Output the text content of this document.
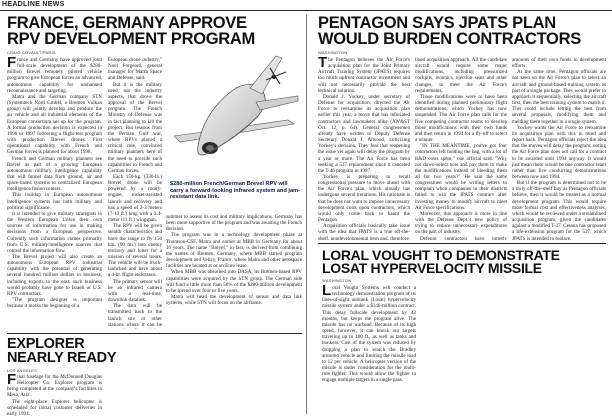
HEADLINE NEWS
FRANCE, GERMANY APPROVE
RPV DEVELOPMENT PROGRAM
CRAIG COVAULT/PARIS

France and Germany have approved joint full-scale development of the $280-million Brevel remotely piloted vehicle program to give European forces an advanced, autonomous capability for unmanned reconnaissance and targeting.

Matra and the German company STN (Systemtech Nord GmbH, a Bremen Vulkan group) will jointly develop and produce the air vehicle and all industrial elements of the European consortium set up for the program. A formal production decision is expected in 1996 or 1997 following a flight test program with production Brevel drones. First operational capability with French and German forces is planned for about 1998.

French and German military planners see Brevel as part of a growing European autonomous military intelligence capability that will funnel data from ground, air and space-based systems to centralized European intelligence fusion centers.

This buildup in European autonomous intelligence systems has both military and political significance.

It is intended to give military strategists in the Western European Union their own sources of information for use in making decisions from a European perspective. Currently such information comes primarily from U.S. military/intelligence sources that control the information flow.

The Brevel project will also create an autonomous European RPV industrial capability with the potential of generating several hundred million dollars in business, including exports to the east, such business would probably have gone to Israeli or U.S. RPV contractors.

"The program designer is important because it marks the beginning of a

European drone industry," Noel Forgeard, general manager for Matra Space and Defense, said.

But it is the military need, not the industry aspects, that drove the approval of the Brevel program. The French Ministry of Defense was in fact planning to kill the project. But lessons from the Persian Gulf war, where RPVs played a critical role, convinced military planners here of the need to provide such capabilities to French and German forces.

Each 150-kg. (330-lb.) Brevel drone will be powered by a rotary-engine, rocket-assisted launch and recovery and has a speed of 2-3 meters (7-10 ft.) long with a 3.4-meter (11 ft.) wingspan.

The RPV will be given stealth characteristics and have the range to fly 150 km. (90 mi.) into enemy territory and loiter for a mission of several hours. The vehicle will be truck-launched and have about a 4-hr. flight endurance.

The primary sensor will be an infrared camera with a real-time, downlink datalink.

The data will be transmitted back to the launch site or other stations where it can be

$280-million French/German Brevel RPV will carry a forward-looking infrared system and jam-resistant data link.

summer to assess its cost and military implications. Germany has been more supportive of the program and was awaiting the French decision.

The program was in a technology development phase at Thomson-CSF, Matra and earlier at MBB in Germany for about 10 years. The name "Brevel," in fact, is derived from combining the names of Bremen, Germany, where MBB started program development and Velizy, France, where Matra and other aerospace facilities are located at or on Euro lease.

When MBB was absorbed into DASA, its Bremen-based RPV capabilities were acquired by the STN group. The German side will fund a little more than 50% of the $280-million development to be spread over four or five years.

Matra will head the development of sensor and data link systems, while STN will focus on the airframe.

EXPLORER
NEARLY READY
LOS ANGELES

Final fuselage for the McDonnell Douglas Helicopter Co. Explorer program is being completed at the company's facilities in Mesa, Ariz.

The eight-place Explorer helicopter is scheduled for initial customer deliveries in early 1994.

PENTAGON SAYS JPATS PLAN
WOULD BURDEN CONTRACTORS
WASHINGTON

The Pentagon believes the Air Force's acquisition plan for the Joint Primary Aircraft Training System (JPATS) requires too much upfront contractor investment and will not necessarily provide the best technical solution.

Donald J. Yockey, under secretary of Defense for acquisition, directed the Air Force to reexamine its acquisition plan earlier this year, a move that has infuriated contractors and lawmakers alike (AW&ST Oct. 12, p. 64). General congressmen already have written to Deputy Defense Secretary Donald J. Atwood, criticizing Yockey's decision. They fear that reopening the issue yet again will delay the program by a year or more. The Air Force has been seeking a 537 replacement since it canceled the T-46 program in 1987.

Yockey is preparing to recall congressional pressure to move ahead with the Air Force's plan, which already has undergone several iterations. His rationale is that he does not want to impose unnecessary development costs upon contractors, which would only come back to haunt the Pentagon.

Acquisition officials basically take issue with the idea that JPATS is a true off-the-shelf, nondevelopmental item and, therefore,

lined acquisition approach. All the candidate aircraft would require some major modifications, including pressurized cockpits, avionics, ejection seats and other changes, to meet the Air Force's requirements.

Those modifications were to have been identified during planned preliminary flight demonstrations, which Yockey has now suspended. The Air Force plan calls for the five competing contractor teams to develop those modifications with their own funds and then return in 1994 for a fly-off to select a winner.

"IN THE MEANTIME, you've got four contractors left holding the bag, with a lot of R&D costs spent," one official said. "Why not down-select now and pay them to make the modifications instead of bleeding them all for two years?" He said the same congressmen would be writing letters to complain when companies in their districts failed to win the JPATS contract after investing money to modify aircraft to meet Air Force specifications.

Moreover, this approach is more in line with the Defense Dept.'s new policy of trying to reduce unnecessary expenditures on the part of industry.

Defense contractors have bitterly

amounts of their own funds in development efforts.

At the same time, Pentagon officials are not keen on the Air Force's plan to select an aircraft and ground-based training system as part of a single package. They would prefer to approach it sequentially, selecting the aircraft first, then the best training system to match it. This could include letting the best from several proposals, modifying them and melding them together in a single system.

Yockey wants the Air Force to reexamine its acquisition plan with this in mind and report back. Pentagon officials reject the idea that the moves will delay the program, noting the Air Force plan does not call for a contract to be awarded until 1994 anyway. It would just mean there would be one contractor team rather than five conducting demonstrations between now and 1994.

But if the program is determined not to be a truly off-the-shelf buy as Pentagon officials believe, then it would be treated as a normal development program. This would require more formal cost and effectiveness analyses, which would be reviewed under a streamlined acquisition program, given the candidates against a modified T-37. Cessna has proposed a life-extension program for the 537, which JPATS is intended to replace.

LORAL VOUGHT TO DEMONSTRATE
LOSAT HYPERVELOCITY MISSILE
WASHINGTON

Loral Vought Systems will conduct a technology demonstration program of its lines-of-sight antitank (Losat) hypervelocity missile system under a $140-million contract. This delay fullscale development by 42 months, but keeps the program alive. The missile has no warhead. Because of its high speed, however, it can knock out targets traveling up to 100 ft., as well as tanks and bunkers. Cost of the system was reduced by dropping a plan to search the Bradley armored vehicle and limiting the missile load to 12 per vehicle. A helicopter version of the missile is under consideration for the multi-role fighter. This would allow the fighter to engage multiple targets in a single pass.
